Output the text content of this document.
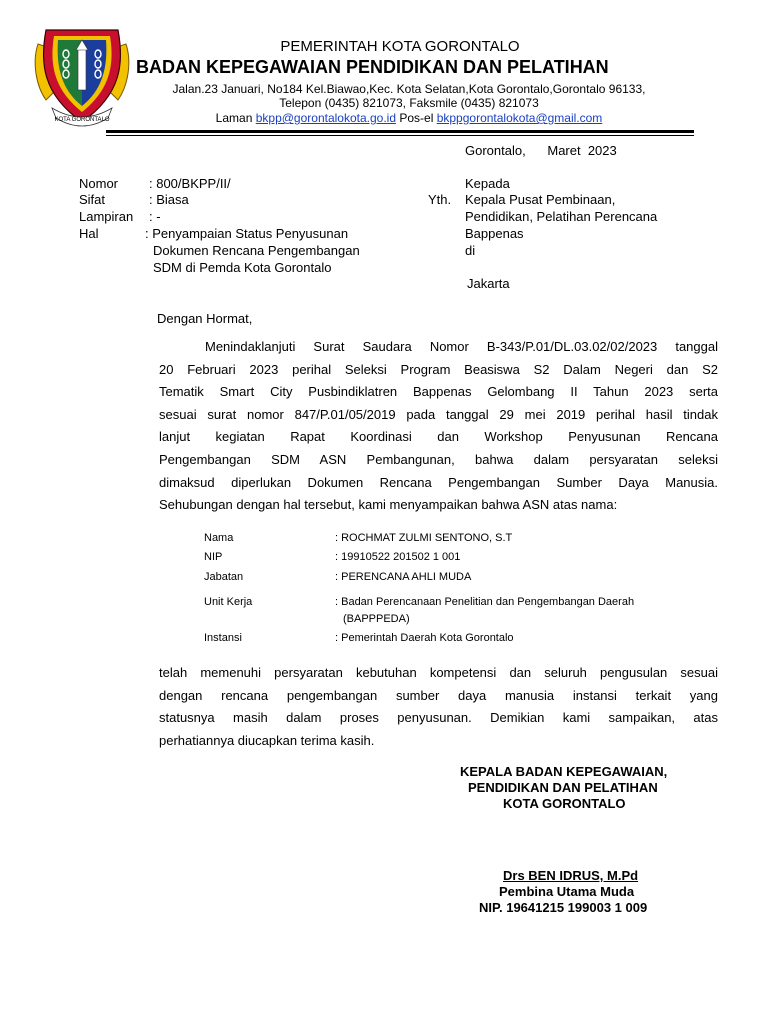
KOTA GORONTALO
PEMERINTAH KOTA GORONTALO
BADAN KEPEGAWAIAN PENDIDIKAN DAN PELATIHAN
Jalan.23 Januari, No184 Kel.Biawao,Kec. Kota Selatan,Kota Gorontalo,Gorontalo 96133,
Telepon (0435) 821073, Faksmile (0435) 821073
Laman bkpp@gorontalokota.go.id Pos-el bkppgorontalokota@gmail.com
Gorontalo,      Maret  2023
Nomor : 800/BKPP/II/
Sifat	: Biasa
Lampiran : -
Hal	: Penyampaian Status Penyusunan
Dokumen Rencana Pengembangan
SDM di Pemda Kota Gorontalo
Kepada
Yth. Kepala Pusat Pembinaan,
Pendidikan, Pelatihan Perencana
Bappenas
di
Jakarta
Dengan Hormat,
Menindaklanjuti Surat Saudara Nomor B-343/P.01/DL.03.02/02/2023 tanggal
20 Februari 2023 perihal Seleksi Program Beasiswa S2 Dalam Negeri dan S2
Tematik Smart City Pusbindiklatren Bappenas Gelombang II Tahun 2023 serta
sesuai surat nomor 847/P.01/05/2019 pada tanggal 29 mei 2019 perihal hasil tindak
lanjut kegiatan Rapat Koordinasi dan Workshop Penyusunan Rencana
Pengembangan SDM ASN Pembangunan, bahwa dalam persyaratan seleksi
dimaksud diperlukan Dokumen Rencana Pengembangan Sumber Daya Manusia.
Sehubungan dengan hal tersebut, kami menyampaikan bahwa ASN atas nama:
Nama	: ROCHMAT ZULMI SENTONO, S.T
NIP	: 19910522 201502 1 001
Jabatan	: PERENCANA AHLI MUDA
Unit Kerja	: Badan Perencanaan Penelitian dan Pengembangan Daerah
(BAPPPEDA)
Instansi	: Pemerintah Daerah Kota Gorontalo
telah memenuhi persyaratan kebutuhan kompetensi dan seluruh pengusulan sesuai
dengan rencana pengembangan sumber daya manusia instansi terkait yang
statusnya masih dalam proses penyusunan. Demikian kami sampaikan, atas
perhatiannya diucapkan terima kasih.
KEPALA BADAN KEPEGAWAIAN,
PENDIDIKAN DAN PELATIHAN
KOTA GORONTALO
Drs BEN IDRUS, M.Pd
Pembina Utama Muda
NIP. 19641215 199003 1 009
